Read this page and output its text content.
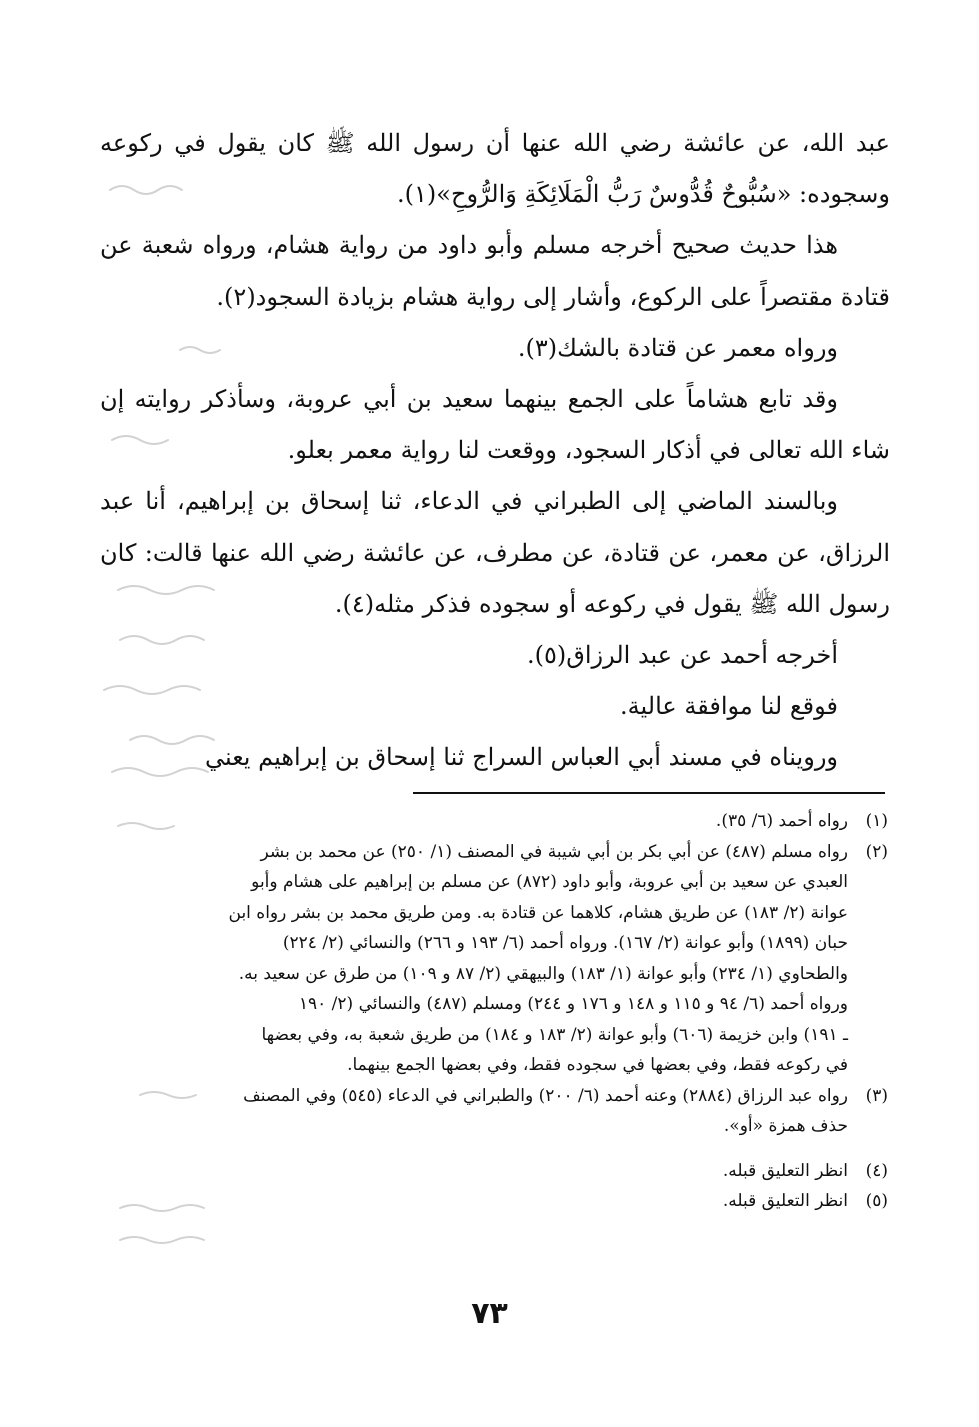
عبد الله، عن عائشة رضي الله عنها أن رسول الله ﷺ كان يقول في ركوعه وسجوده: «سُبُّوحٌ قُدُّوسٌ رَبُّ الْمَلَائِكَةِ وَالرُّوحِ»(١).

هذا حديث صحيح أخرجه مسلم وأبو داود من رواية هشام، ورواه شعبة عن قتادة مقتصراً على الركوع، وأشار إلى رواية هشام بزيادة السجود(٢).

ورواه معمر عن قتادة بالشك(٣).

وقد تابع هشاماً على الجمع بينهما سعيد بن أبي عروبة، وسأذكر روايته إن شاء الله تعالى في أذكار السجود، ووقعت لنا رواية معمر بعلو.

وبالسند الماضي إلى الطبراني في الدعاء، ثنا إسحاق بن إبراهيم، أنا عبد الرزاق، عن معمر، عن قتادة، عن مطرف، عن عائشة رضي الله عنها قالت: كان رسول الله ﷺ يقول في ركوعه أو سجوده فذكر مثله(٤).

أخرجه أحمد عن عبد الرزاق(٥).

فوقع لنا موافقة عالية.

ورويناه في مسند أبي العباس السراج ثنا إسحاق بن إبراهيم يعني

(١)
رواه أحمد (٦/ ٣٥).
(٢)
رواه مسلم (٤٨٧) عن أبي بكر بن أبي شيبة في المصنف (١/ ٢٥٠) عن محمد بن بشر
العبدي عن سعيد بن أبي عروبة، وأبو داود (٨٧٢) عن مسلم بن إبراهيم على هشام وأبو
عوانة (٢/ ١٨٣) عن طريق هشام، كلاهما عن قتادة به. ومن طريق محمد بن بشر رواه ابن
حبان (١٨٩٩) وأبو عوانة (٢/ ١٦٧). ورواه أحمد (٦/ ١٩٣ و ٢٦٦) والنسائي (٢/ ٢٢٤)
والطحاوي (١/ ٢٣٤) وأبو عوانة (١/ ١٨٣) والبيهقي (٢/ ٨٧ و ١٠٩) من طرق عن سعيد به.
ورواه أحمد (٦/ ٩٤ و ١١٥ و ١٤٨ و ١٧٦ و ٢٤٤) ومسلم (٤٨٧) والنسائي (٢/ ١٩٠
ـ ١٩١) وابن خزيمة (٦٠٦) وأبو عوانة (٢/ ١٨٣ و ١٨٤) من طريق شعبة به، وفي بعضها
في ركوعه فقط، وفي بعضها في سجوده فقط، وفي بعضها الجمع بينهما.
(٣)
رواه عبد الرزاق (٢٨٨٤) وعنه أحمد (٦/ ٢٠٠) والطبراني في الدعاء (٥٤٥) وفي المصنف
حذف همزة «أو».
(٤)
انظر التعليق قبله.
(٥)
انظر التعليق قبله.
٧٣
